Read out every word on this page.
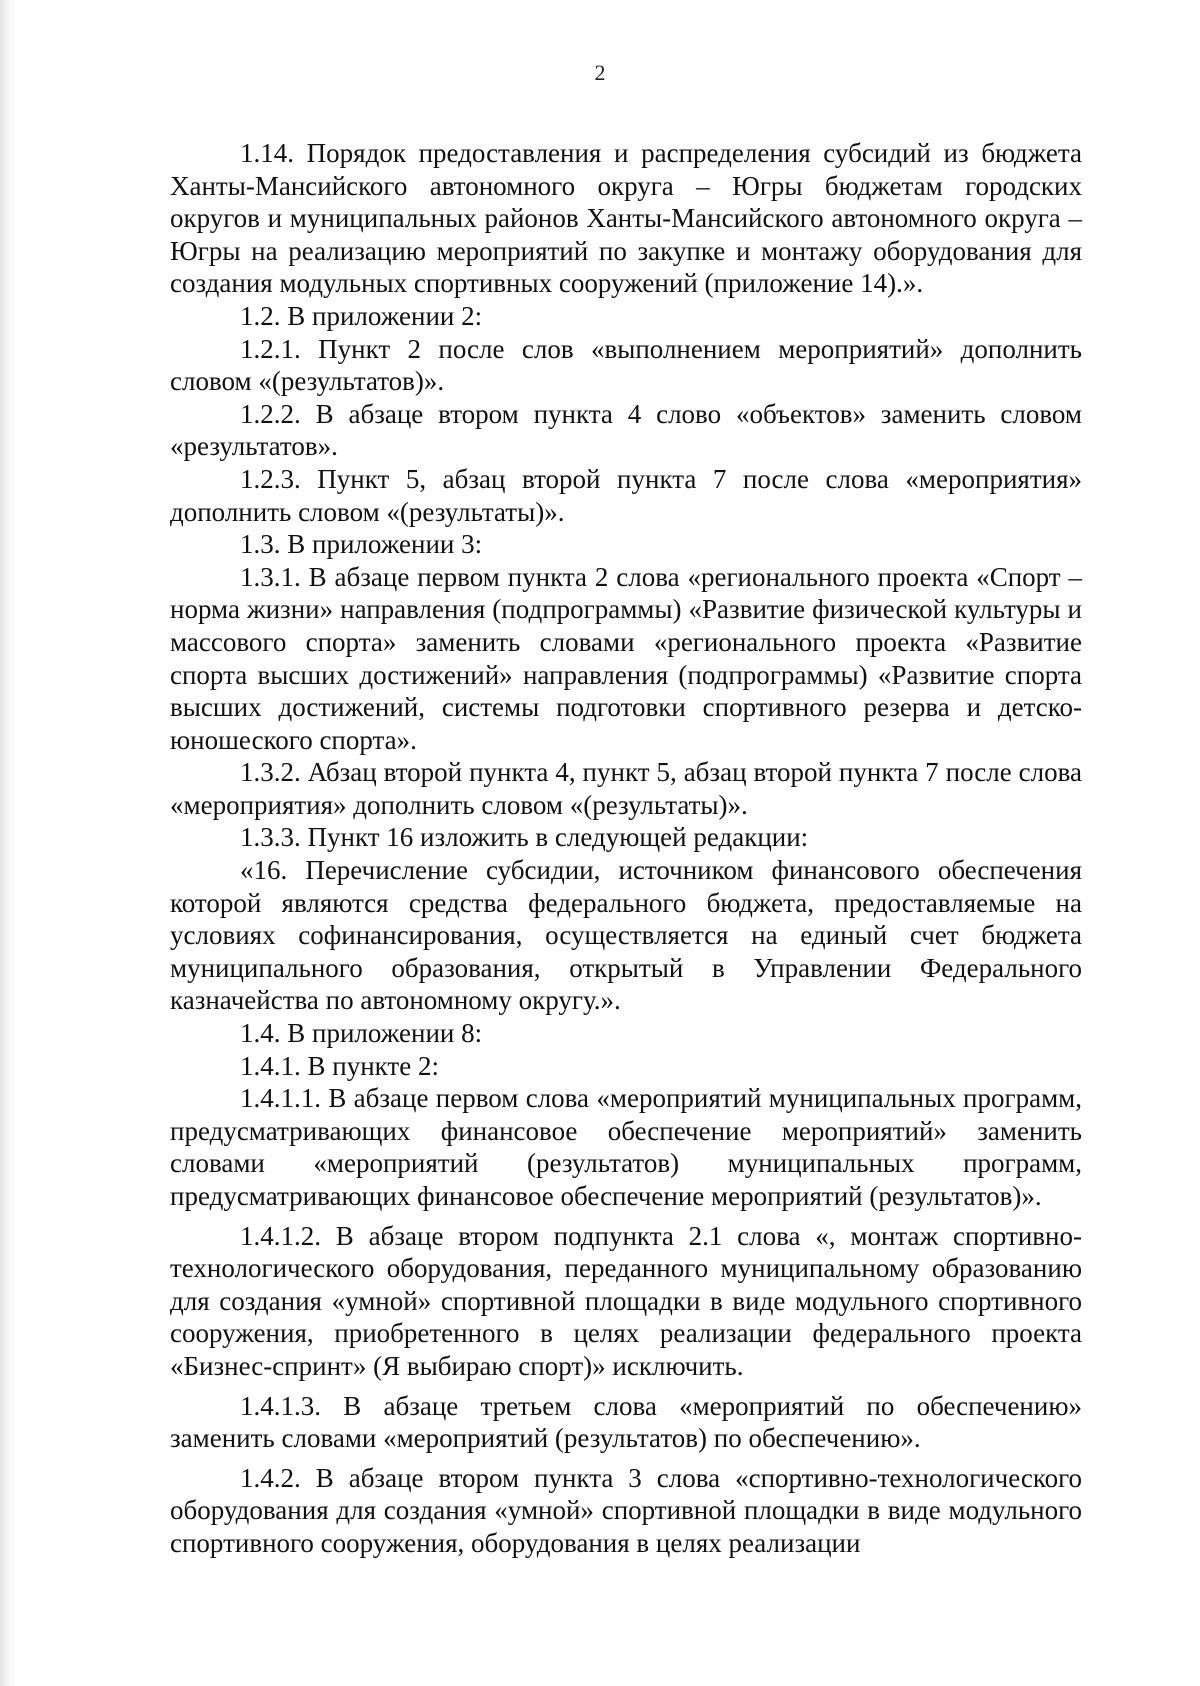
2

1.14. Порядок предоставления и распределения субсидий из бюджета Ханты-Мансийского автономного округа – Югры бюджетам городских округов и муниципальных районов Ханты-Мансийского автономного округа – Югры на реализацию мероприятий по закупке и монтажу оборудования для создания модульных спортивных сооружений (приложение 14).».

1.2. В приложении 2:

1.2.1. Пункт 2 после слов «выполнением мероприятий» дополнить словом «(результатов)».

1.2.2. В абзаце втором пункта 4 слово «объектов» заменить словом «результатов».

1.2.3. Пункт 5, абзац второй пункта 7 после слова «мероприятия» дополнить словом «(результаты)».

1.3. В приложении 3:

1.3.1. В абзаце первом пункта 2 слова «регионального проекта «Спорт – норма жизни» направления (подпрограммы) «Развитие физической культуры и массового спорта» заменить словами «регионального проекта «Развитие спорта высших достижений» направления (подпрограммы) «Развитие спорта высших достижений, системы подготовки спортивного резерва и детско-юношеского спорта».

1.3.2. Абзац второй пункта 4, пункт 5, абзац второй пункта 7 после слова «мероприятия» дополнить словом «(результаты)».

1.3.3. Пункт 16 изложить в следующей редакции:

«16. Перечисление субсидии, источником финансового обеспечения которой являются средства федерального бюджета, предоставляемые на условиях софинансирования, осуществляется на единый счет бюджета муниципального образования, открытый в Управлении Федерального казначейства по автономному округу.».

1.4. В приложении 8:

1.4.1. В пункте 2:

1.4.1.1. В абзаце первом слова «мероприятий муниципальных программ, предусматривающих финансовое обеспечение мероприятий» заменить словами «мероприятий (результатов) муниципальных программ, предусматривающих финансовое обеспечение мероприятий (результатов)».

1.4.1.2. В абзаце втором подпункта 2.1 слова «, монтаж спортивно-технологического оборудования, переданного муниципальному образованию для создания «умной» спортивной площадки в виде модульного спортивного сооружения, приобретенного в целях реализации федерального проекта «Бизнес-спринт» (Я выбираю спорт)» исключить.

1.4.1.3. В абзаце третьем слова «мероприятий по обеспечению» заменить словами «мероприятий (результатов) по обеспечению».

1.4.2. В абзаце втором пункта 3 слова «спортивно-технологического оборудования для создания «умной» спортивной площадки в виде модульного спортивного сооружения, оборудования в целях реализации
